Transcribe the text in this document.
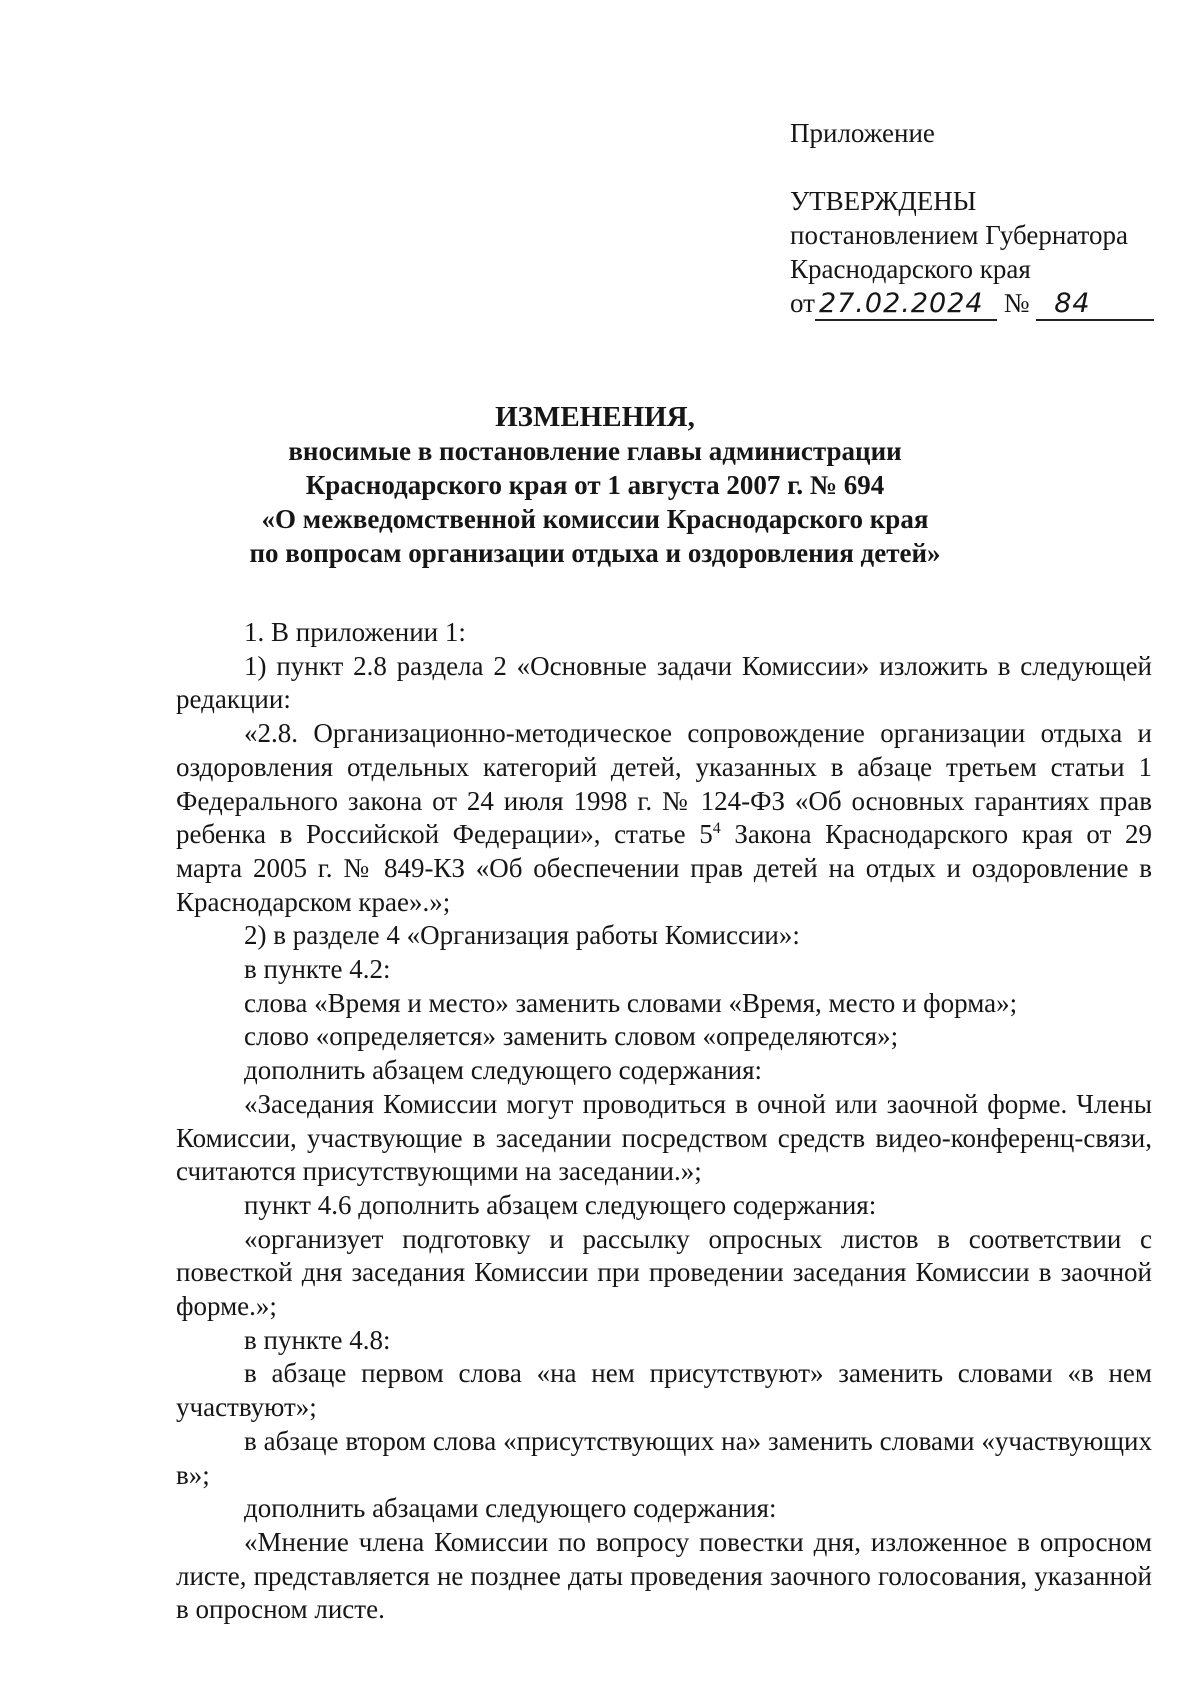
Приложение
УТВЕРЖДЕНЫ
постановлением Губернатора
Краснодарского края
от 27.02.2024 № 84
ИЗМЕНЕНИЯ,
вносимые в постановление главы администрации
Краснодарского края от 1 августа 2007 г. № 694
«О межведомственной комиссии Краснодарского края
по вопросам организации отдыха и оздоровления детей»

1. В приложении 1:

1) пункт 2.8 раздела 2 «Основные задачи Комиссии» изложить в следующей редакции:

«2.8. Организационно-методическое сопровождение организации отдыха и оздоровления отдельных категорий детей, указанных в абзаце третьем статьи 1 Федерального закона от 24 июля 1998 г. № 124-ФЗ «Об основных гарантиях прав ребенка в Российской Федерации», статье $5^4$ Закона Краснодарского края от 29 марта 2005 г. № 849-КЗ «Об обеспечении прав детей на отдых и оздоровление в Краснодарском крае».»;

2) в разделе 4 «Организация работы Комиссии»:

в пункте 4.2:

слова «Время и место» заменить словами «Время, место и форма»;

слово «определяется» заменить словом «определяются»;

дополнить абзацем следующего содержания:

«Заседания Комиссии могут проводиться в очной или заочной форме. Члены Комиссии, участвующие в заседании посредством средств видео-конференц-связи, считаются присутствующими на заседании.»;

пункт 4.6 дополнить абзацем следующего содержания:

«организует подготовку и рассылку опросных листов в соответствии с повесткой дня заседания Комиссии при проведении заседания Комиссии в заочной форме.»;

в пункте 4.8:

в абзаце первом слова «на нем присутствуют» заменить словами «в нем участвуют»;

в абзаце втором слова «присутствующих на» заменить словами «участвующих в»;

дополнить абзацами следующего содержания:

«Мнение члена Комиссии по вопросу повестки дня, изложенное в опросном листе, представляется не позднее даты проведения заочного голосования, указанной в опросном листе.
